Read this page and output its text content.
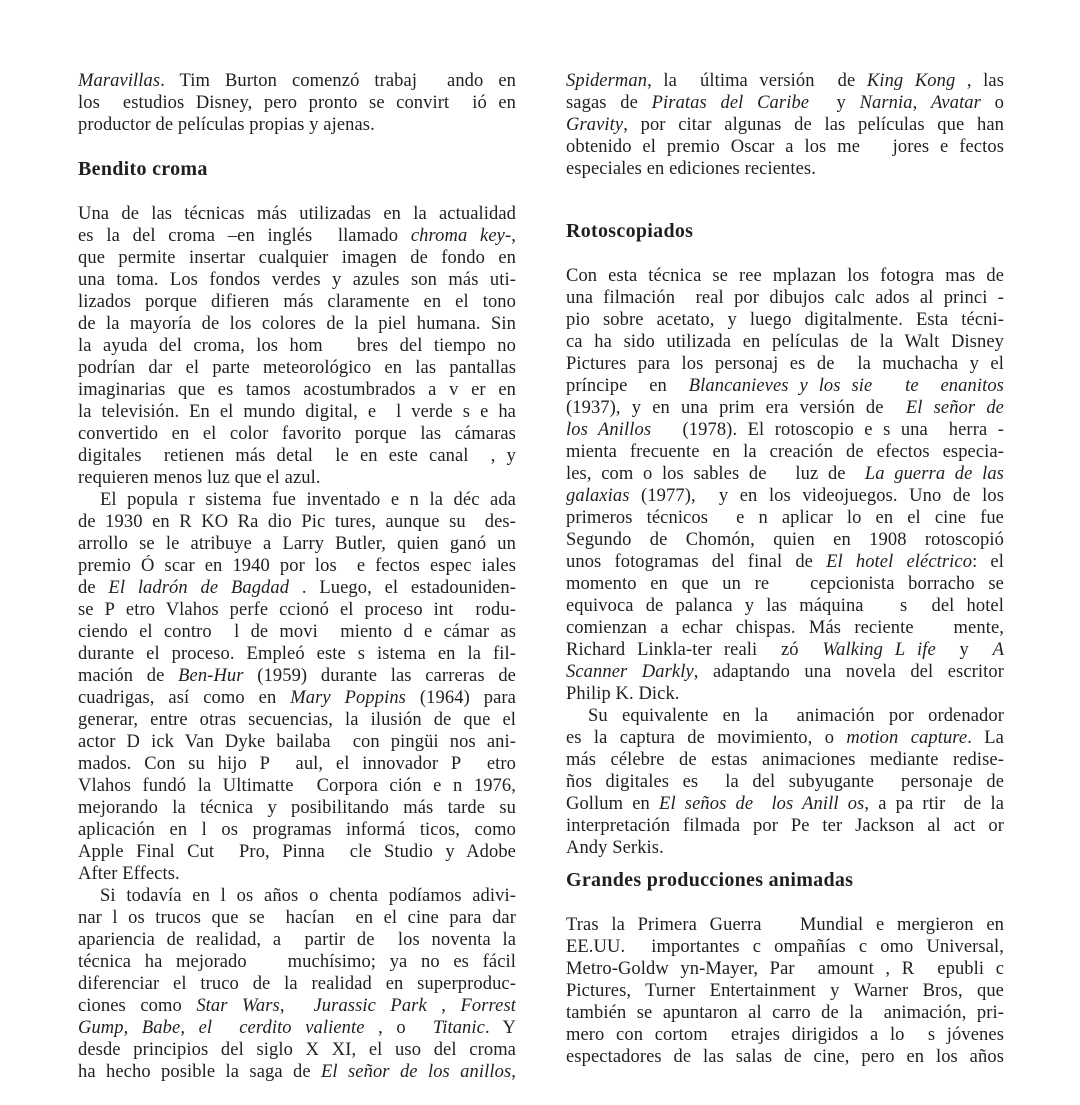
Maravillas. Tim Burton comenzó trabaj  ando en
los  estudios Disney, pero pronto se convirt  ió en
productor de películas propias y ajenas.
Bendito croma
Una de las técnicas más utilizadas en la actualidad
es la del croma –en inglés  llamado chroma key-,
que permite insertar cualquier imagen de fondo en
una toma. Los fondos verdes y azules son más uti-
lizados porque difieren más claramente en el tono
de la mayoría de los colores de la piel humana. Sin
la ayuda del croma, los hom   bres del tiempo no
podrían dar el parte meteorológico en las pantallas
imaginarias que es tamos acostumbrados a v er en
la televisión. En el mundo digital, e  l verde s e ha
convertido en el color favorito porque las cámaras
digitales  retienen más detal  le en este canal  , y
requieren menos luz que el azul.
El popula r sistema fue inventado e n la déc ada
de 1930 en R KO Ra dio Pic tures, aunque su  des-
arrollo se le atribuye a Larry Butler, quien ganó un
premio Ó scar en 1940 por los  e fectos espec iales
de El ladrón de Bagdad . Luego, el estadouniden-
se P etro Vlahos perfe ccionó el proceso int  rodu-
ciendo el contro  l de movi  miento d e cámar as
durante el proceso. Empleó este s istema en la fil-
mación de Ben-Hur (1959) durante las carreras de
cuadrigas, así como en Mary Poppins (1964) para
generar, entre otras secuencias, la ilusión de que el
actor D ick Van Dyke bailaba  con pingüi nos ani-
mados. Con su hijo P  aul, el innovador P  etro
Vlahos fundó la Ultimatte  Corpora ción e n 1976,
mejorando la técnica y posibilitando más tarde su
aplicación en l os programas informá ticos, como
Apple Final Cut  Pro, Pinna  cle Studio y Adobe
After Effects.
Si todavía en l os años o chenta podíamos adivi-
nar l os trucos que se  hacían  en el cine para dar
apariencia de realidad, a  partir de  los noventa la
técnica ha mejorado   muchísimo; ya no es fácil
diferenciar el truco de la realidad en superproduc-
ciones como Star Wars,  Jurassic Park , Forrest
Gump, Babe, el  cerdito valiente , o  Titanic. Y
desde principios del siglo X XI, el uso del croma
ha hecho posible la saga de El señor de los anillos,
Spiderman, la  última versión  de King Kong , las
sagas de Piratas del Caribe  y Narnia, Avatar o
Gravity, por citar algunas de las películas que han
obtenido el premio Oscar a los me   jores e fectos
especiales en ediciones recientes.
Rotoscopiados
Con esta técnica se ree mplazan los fotogra mas de
una filmación  real por dibujos calc ados al princi -
pio sobre acetato, y luego digitalmente. Esta técni-
ca ha sido utilizada en películas de la Walt Disney
Pictures para los personaj es de  la muchacha y el
príncipe  en  Blancanieves y los sie te  enanitos
(1937), y en una prim era versión de  El señor de
los Anillos   (1978). El rotoscopio e s una  herra -
mienta frecuente en la creación de efectos especia-
les, com o los sables de   luz de  La guerra de las
galaxias (1977),  y en los videojuegos. Uno de los
primeros técnicos  e n aplicar lo en el cine fue
Segundo de Chomón, quien en 1908 rotoscopió
unos fotogramas del final de El hotel eléctrico: el
momento en que un re   cepcionista borracho se
equivoca de palanca y las máquina   s  del hotel
comienzan a echar chispas. Más reciente   mente,
Richard Linkla-ter reali  zó  Walking L ife  y  A
Scanner Darkly, adaptando una novela del escritor
Philip K. Dick.
Su equivalente en la  animación por ordenador
es la captura de movimiento, o motion capture. La
más célebre de estas animaciones mediante redise-
ños digitales es  la del subyugante  personaje de
Gollum en El seños de  los Anill os, a pa rtir  de la
interpretación filmada por Pe ter Jackson al act or
Andy Serkis.
Grandes producciones animadas
Tras la Primera Guerra   Mundial e mergieron en
EE.UU.  importantes c ompañías c omo Universal,
Metro-Goldw yn-Mayer, Par  amount , R  epubli c
Pictures, Turner Entertainment y Warner Bros, que
también se apuntaron al carro de la  animación, pri-
mero con cortom  etrajes dirigidos a lo  s jóvenes
espectadores de las salas de cine, pero en los años
